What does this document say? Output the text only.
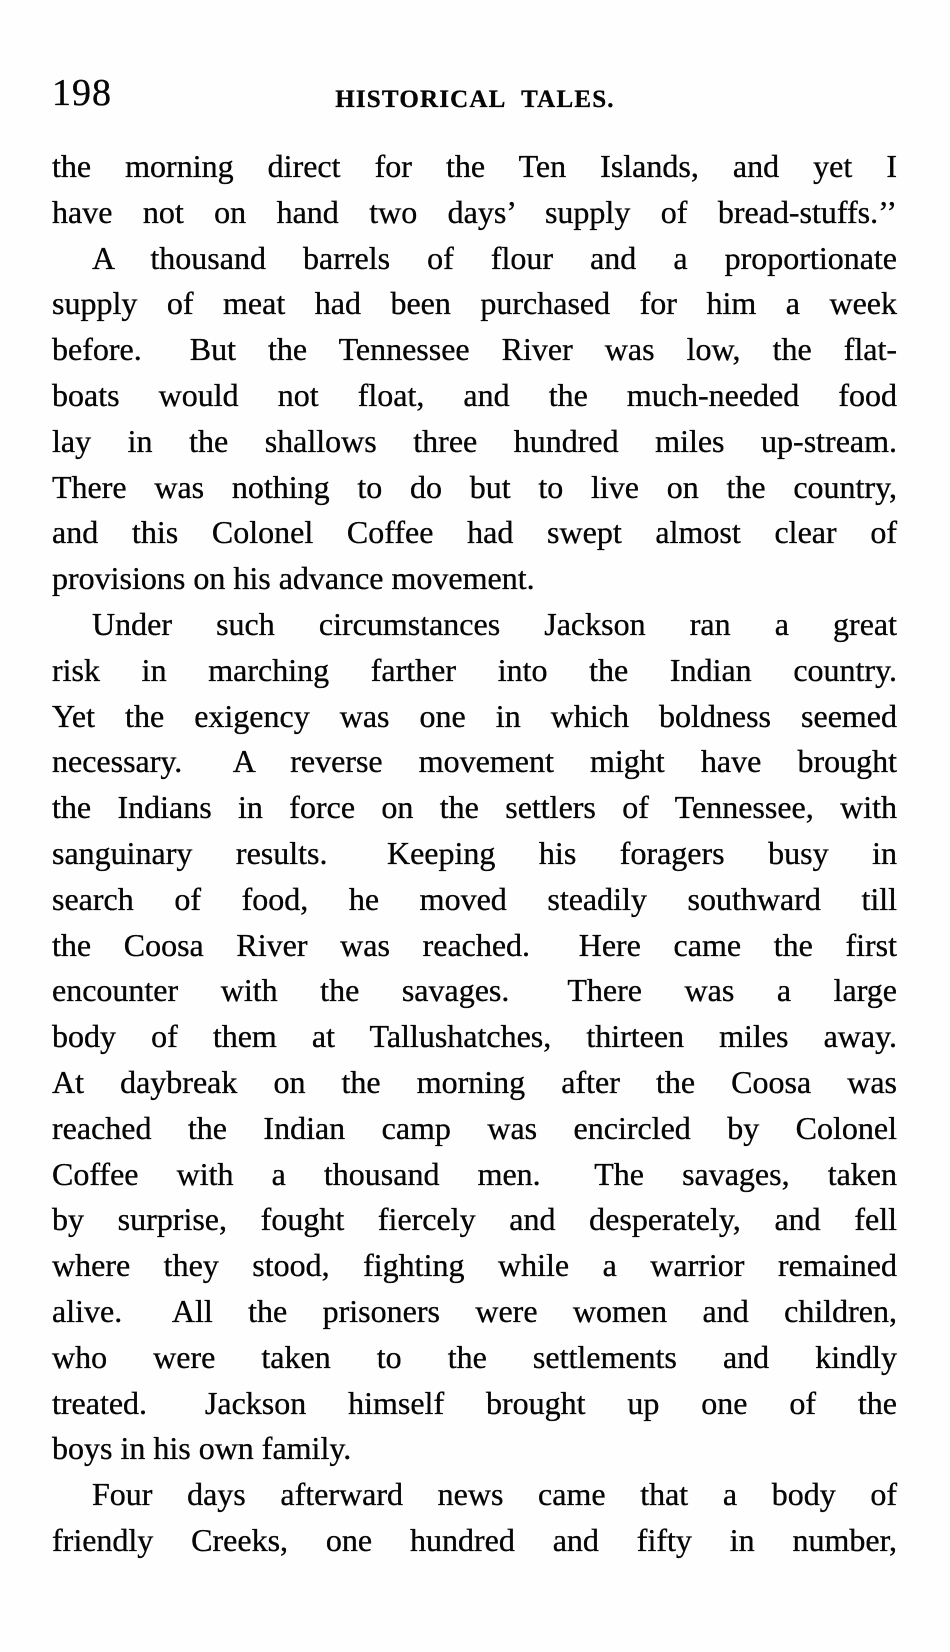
198	HISTORICAL TALES.
the morning direct for the Ten Islands, and yet I
have not on hand two days’ supply of bread-stuffs.’’
A thousand barrels of flour and a proportionate
supply of meat had been purchased for him a week
before.  But the Tennessee River was low, the flat-
boats would not float, and the much-needed food
lay in the shallows three hundred miles up-stream.
There was nothing to do but to live on the country,
and this Colonel Coffee had swept almost clear of
provisions on his advance movement.
Under such circumstances Jackson ran a great
risk in marching farther into the Indian country.
Yet the exigency was one in which boldness seemed
necessary.  A reverse movement might have brought
the Indians in force on the settlers of Tennessee, with
sanguinary results.  Keeping his foragers busy in
search of food, he moved steadily southward till
the Coosa River was reached.  Here came the first
encounter with the savages.  There was a large
body of them at Tallushatches, thirteen miles away.
At daybreak on the morning after the Coosa was
reached the Indian camp was encircled by Colonel
Coffee with a thousand men.  The savages, taken
by surprise, fought fiercely and desperately, and fell
where they stood, fighting while a warrior remained
alive.  All the prisoners were women and children,
who were taken to the settlements and kindly
treated.  Jackson himself brought up one of the
boys in his own family.
Four days afterward news came that a body of
friendly Creeks, one hundred and fifty in number,
